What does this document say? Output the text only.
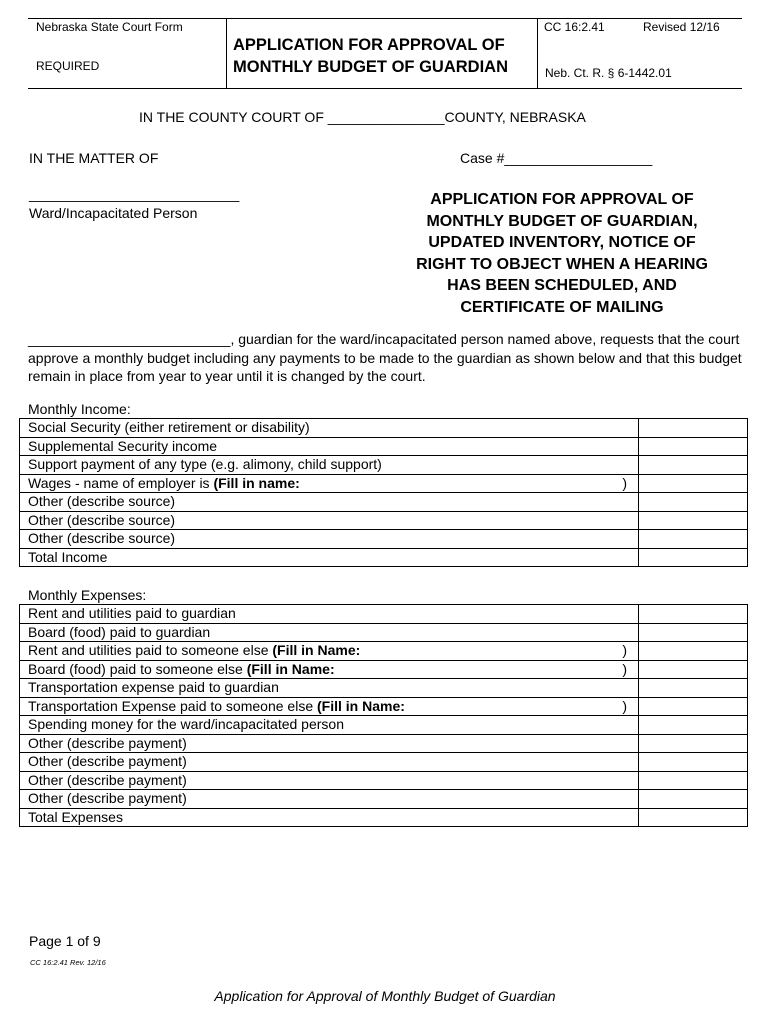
Nebraska State Court Form
REQUIRED
APPLICATION FOR APPROVAL OF
MONTHLY BUDGET OF GUARDIAN
CC 16:2.41	Revised 12/16
Neb. Ct. R. § 6-1442.01
IN THE COUNTY COURT OF _______________COUNTY, NEBRASKA
IN THE MATTER OF	Case #___________________
___________________________
Ward/Incapacitated Person
APPLICATION FOR APPROVAL OF
MONTHLY BUDGET OF GUARDIAN,
UPDATED INVENTORY, NOTICE OF
RIGHT TO OBJECT WHEN A HEARING
HAS BEEN SCHEDULED, AND
CERTIFICATE OF MAILING
__________________________, guardian for the ward/incapacitated person named above, requests that the court approve a monthly budget including any payments to be made to the guardian as shown below and that this budget remain in place from year to year until it is changed by the court.
Monthly Income:
Social Security (either retirement or disability)	
Supplemental Security income	
Support payment of any type (e.g. alimony, child support)	
Wages - name of employer is (Fill in name: )	

Other (describe source)	
Other (describe source)	
Other (describe source)	
Total Income	
Monthly Expenses:
Rent and utilities paid to guardian	
Board (food) paid to guardian	
Rent and utilities paid to someone else (Fill in Name: )	

Board (food) paid to someone else (Fill in Name: )	

Transportation expense paid to guardian	
Transportation Expense paid to someone else (Fill in Name: )	

Spending money for the ward/incapacitated person	
Other (describe payment)	
Other (describe payment)	
Other (describe payment)	
Other (describe payment)	
Total Expenses	
Page 1 of 9
CC 16:2.41 Rev. 12/16
Application for Approval of Monthly Budget of Guardian
